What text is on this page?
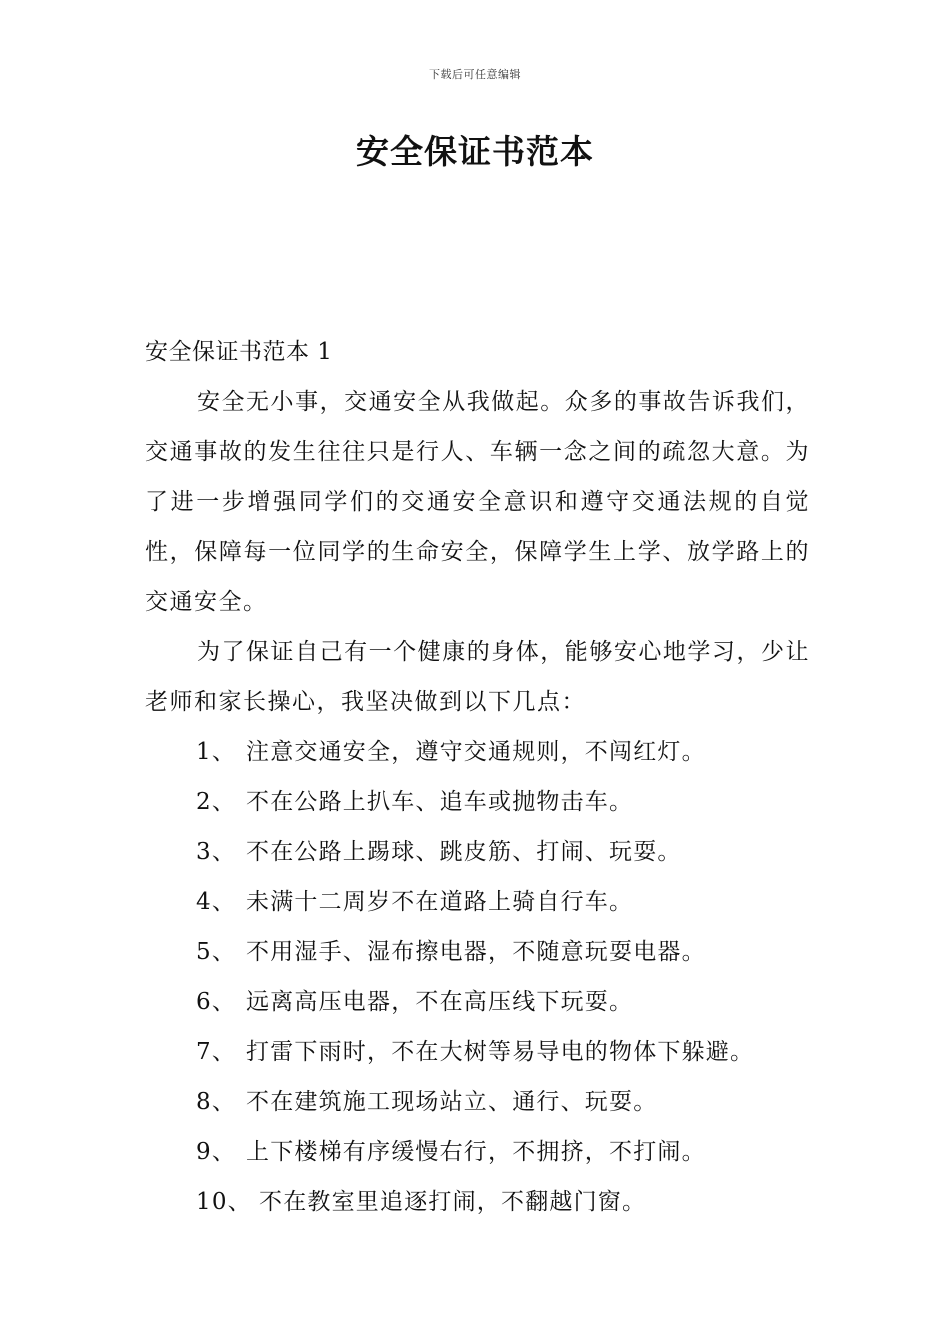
下载后可任意编辑
安全保证书范本

安全保证书范本 1

安全无小事，交通安全从我做起。众多的事故告诉我们，交通事故的发生往往只是行人、车辆一念之间的疏忽大意。为了进一步增强同学们的交通安全意识和遵守交通法规的自觉性，保障每一位同学的生命安全，保障学生上学、放学路上的交通安全。

为了保证自己有一个健康的身体，能够安心地学习，少让老师和家长操心，我坚决做到以下几点：

1、 注意交通安全，遵守交通规则，不闯红灯。
2、 不在公路上扒车、追车或抛物击车。
3、 不在公路上踢球、跳皮筋、打闹、玩耍。
4、 未满十二周岁不在道路上骑自行车。
5、 不用湿手、湿布擦电器，不随意玩耍电器。
6、 远离高压电器，不在高压线下玩耍。
7、 打雷下雨时，不在大树等易导电的物体下躲避。
8、 不在建筑施工现场站立、通行、玩耍。
9、 上下楼梯有序缓慢右行，不拥挤，不打闹。
10、 不在教室里追逐打闹，不翻越门窗。
